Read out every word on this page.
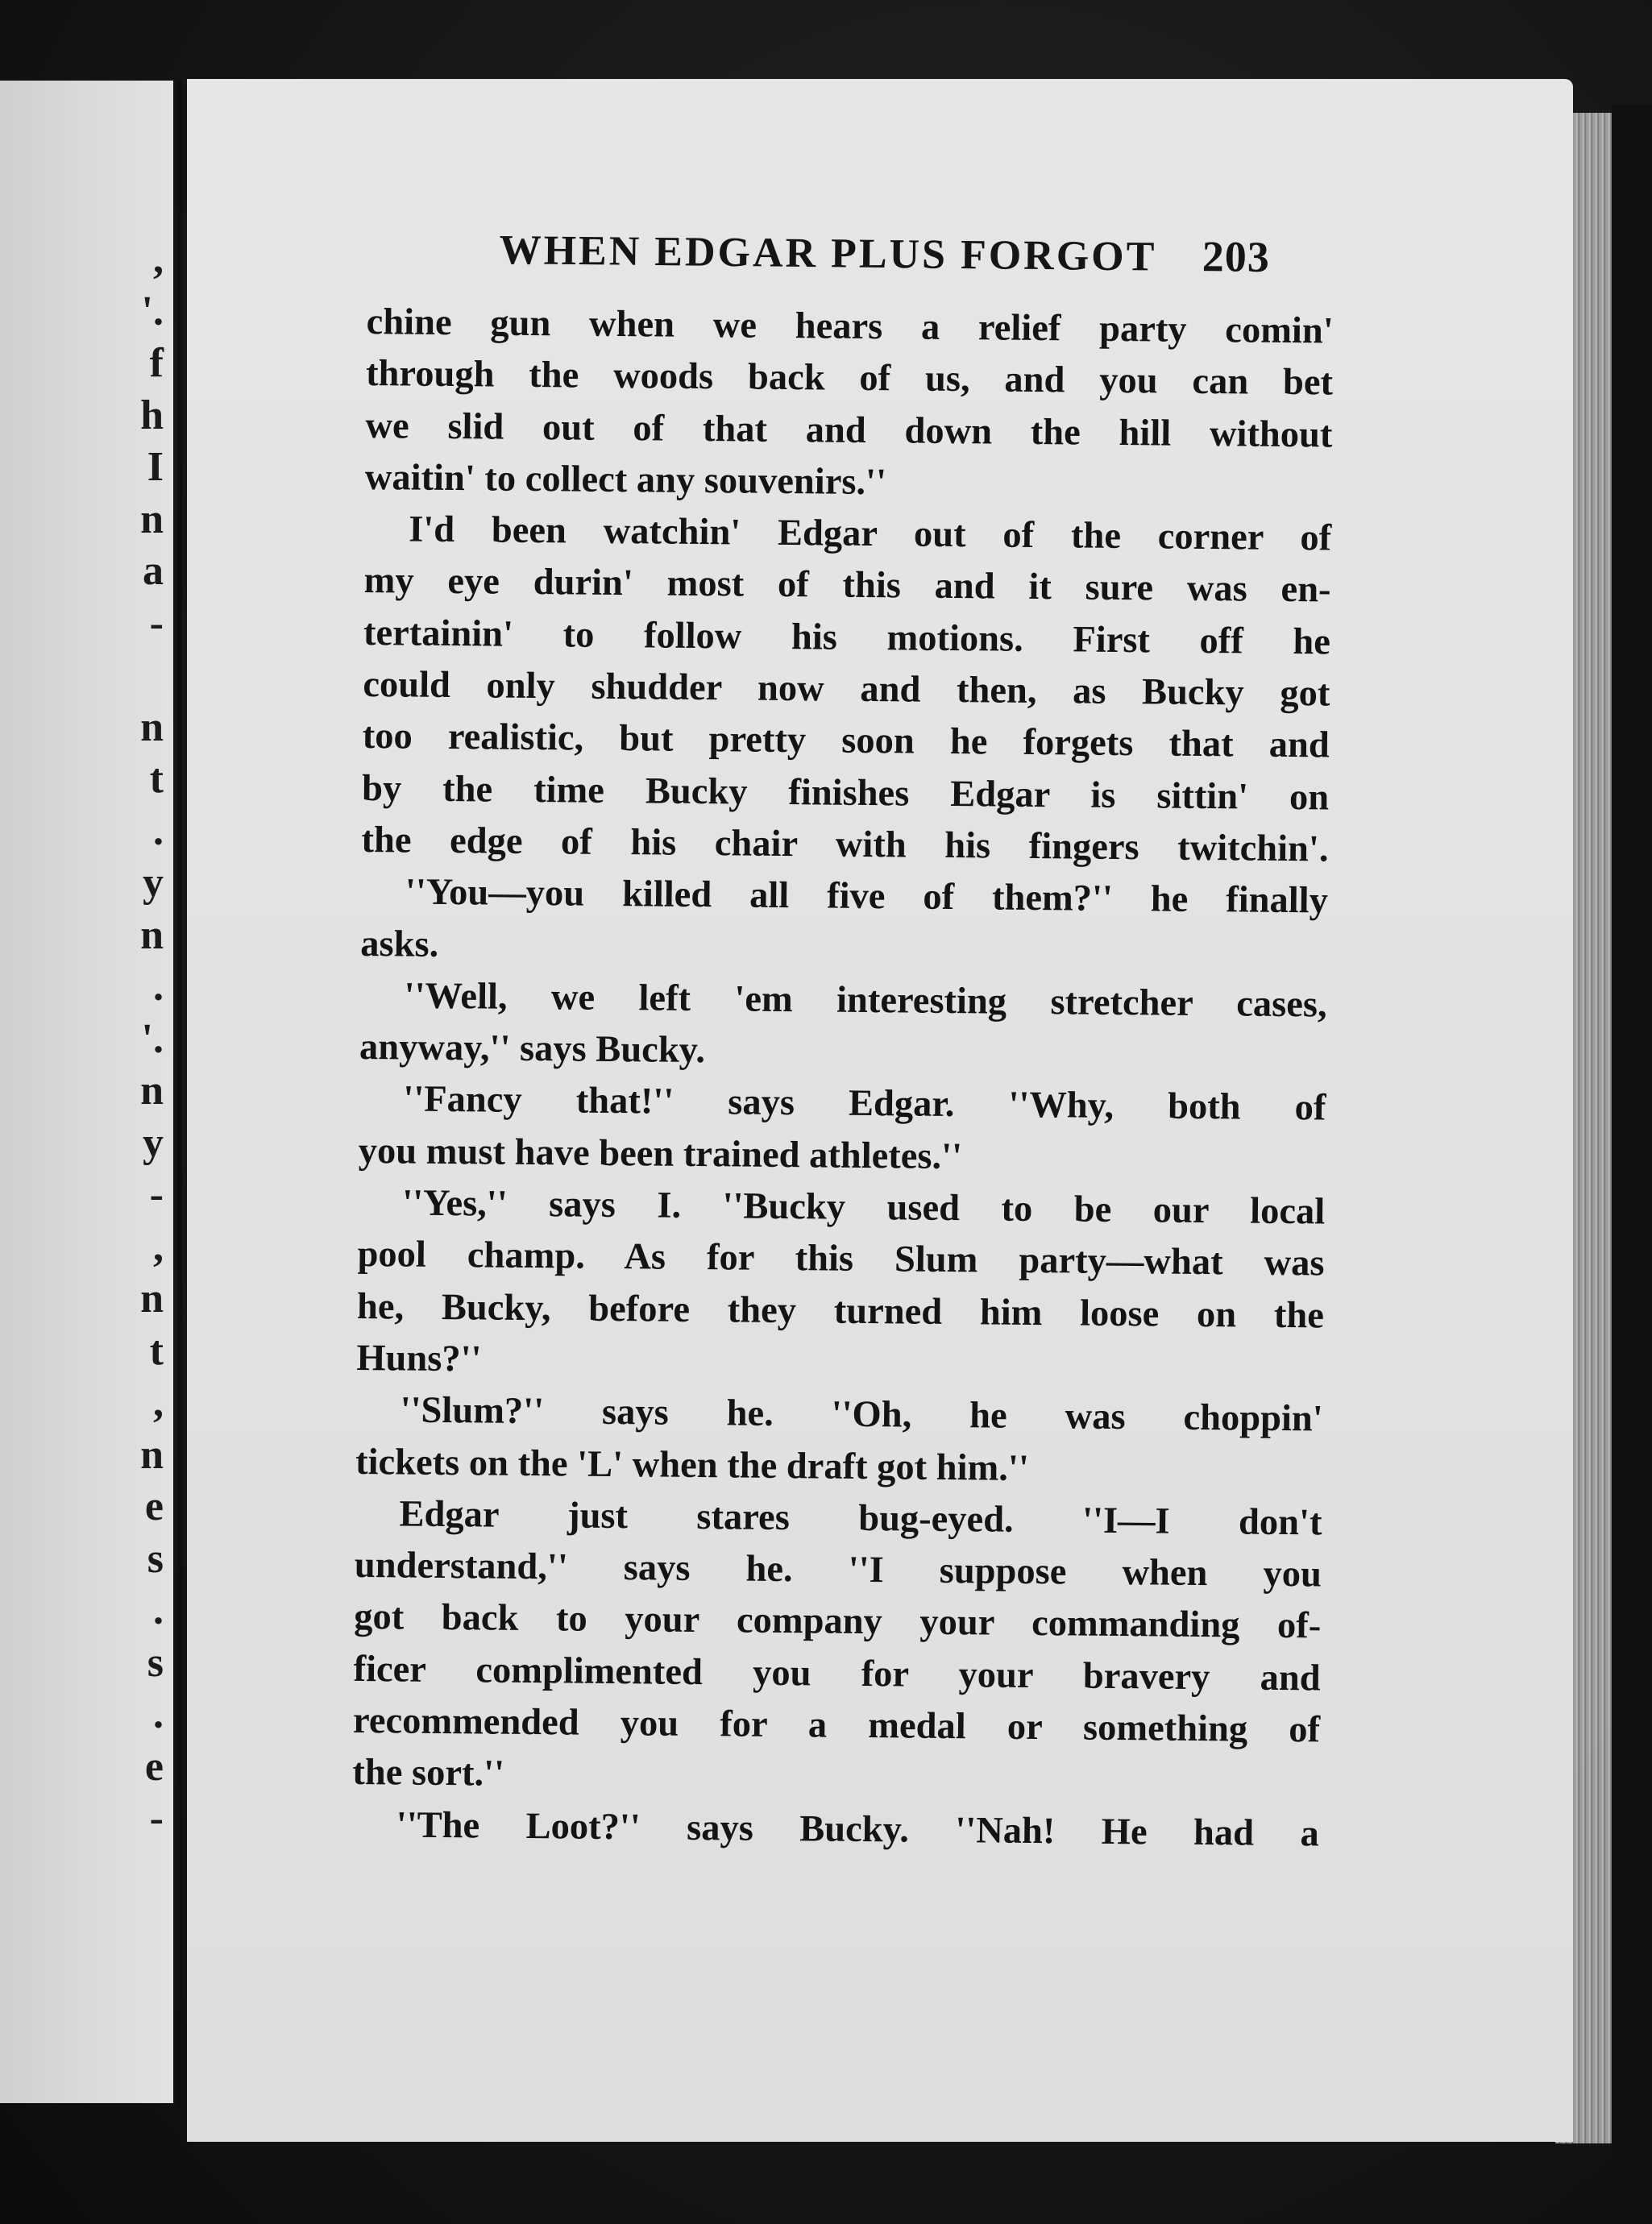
,
'.
f
h
I
n
a
-
n
t
.
y
n
.
'.
n
y
-
,
n
t
,
n
e
s
.
s
.
e
-
WHEN EDGAR PLUS FORGOT 203
chine gun when we hears a relief party comin'
through the woods back of us, and you can bet
we slid out of that and down the hill without
waitin' to collect any souvenirs.''
I'd been watchin' Edgar out of the corner of
my eye durin' most of this and it sure was en-
tertainin' to follow his motions. First off he
could only shudder now and then, as Bucky got
too realistic, but pretty soon he forgets that and
by the time Bucky finishes Edgar is sittin' on
the edge of his chair with his fingers twitchin'.
''You—you killed all five of them?'' he finally
asks.
''Well, we left 'em interesting stretcher cases,
anyway,'' says Bucky.
''Fancy that!'' says Edgar. ''Why, both of
you must have been trained athletes.''
''Yes,'' says I. ''Bucky used to be our local
pool champ. As for this Slum party—what was
he, Bucky, before they turned him loose on the
Huns?''
''Slum?'' says he. ''Oh, he was choppin'
tickets on the 'L' when the draft got him.''
Edgar just stares bug-eyed. ''I—I don't
understand,'' says he. ''I suppose when you
got back to your company your commanding of-
ficer complimented you for your bravery and
recommended you for a medal or something of
the sort.''
''The Loot?'' says Bucky. ''Nah! He had a
